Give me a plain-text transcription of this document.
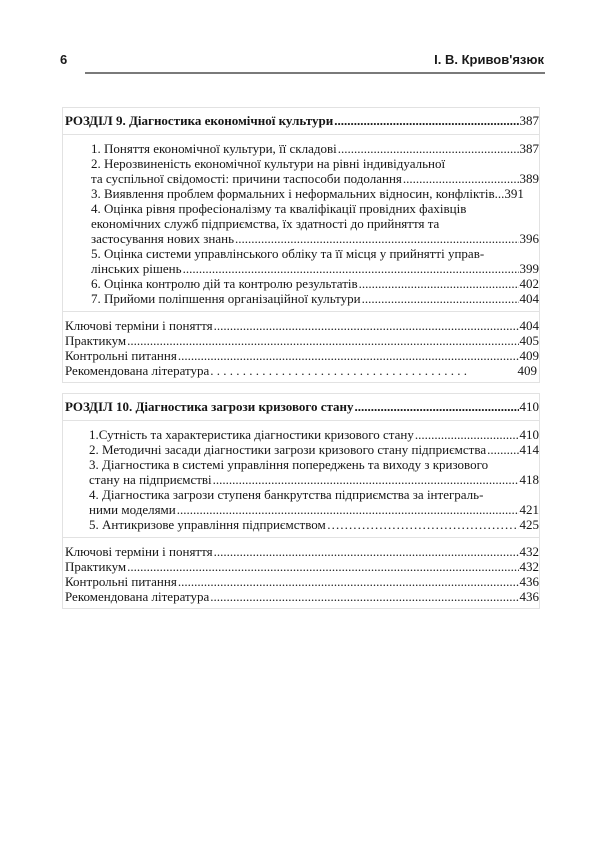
6	І. В. Кривов'язюк
РОЗДІЛ 9. Діагностика економічної культури .....	387
1. Поняття економічної культури, її складові .....	387
2. Нерозвиненість економічної культури на рівні індивідуальної
та суспільної свідомості: причини таспособи подолання .....	389
3. Виявлення проблем формальних і неформальних відносин, конфліктів... 391
4. Оцінка рівня професіоналізму та кваліфікації провідних фахівців
економічних служб підприємства, їх здатності до прийняття та
застосування нових знань .....	396
5. Оцінка системи управлінського обліку та її місця у прийнятті управ-
лінських рішень .....	399
6. Оцінка контролю дій та контролю результатів .....	402
7. Прийоми поліпшення організаційної культури .....	404
Ключові терміни і поняття .....	404
Практикум .....	405
Контрольні питання .....	409
Рекомендована література . . .	409
РОЗДІЛ 10. Діагностика загрози кризового стану .....	410
1.Сутність та характеристика діагностики кризового стану .....	410
2. Методичні засади діагностики загрози кризового стану підприємства .....	414
3. Діагностика в системі управління попереджень та виходу з кризового
стану на підприємстві .....	418
4. Діагностика загрози ступеня банкрутства підприємства за інтеграль-
ними моделями .....	421
5. Антикризове управління підприємством …………………………………………………………………………	425
Ключові терміни і поняття .....	432
Практикум .....	432
Контрольні питання .....	436
Рекомендована література .....	436
